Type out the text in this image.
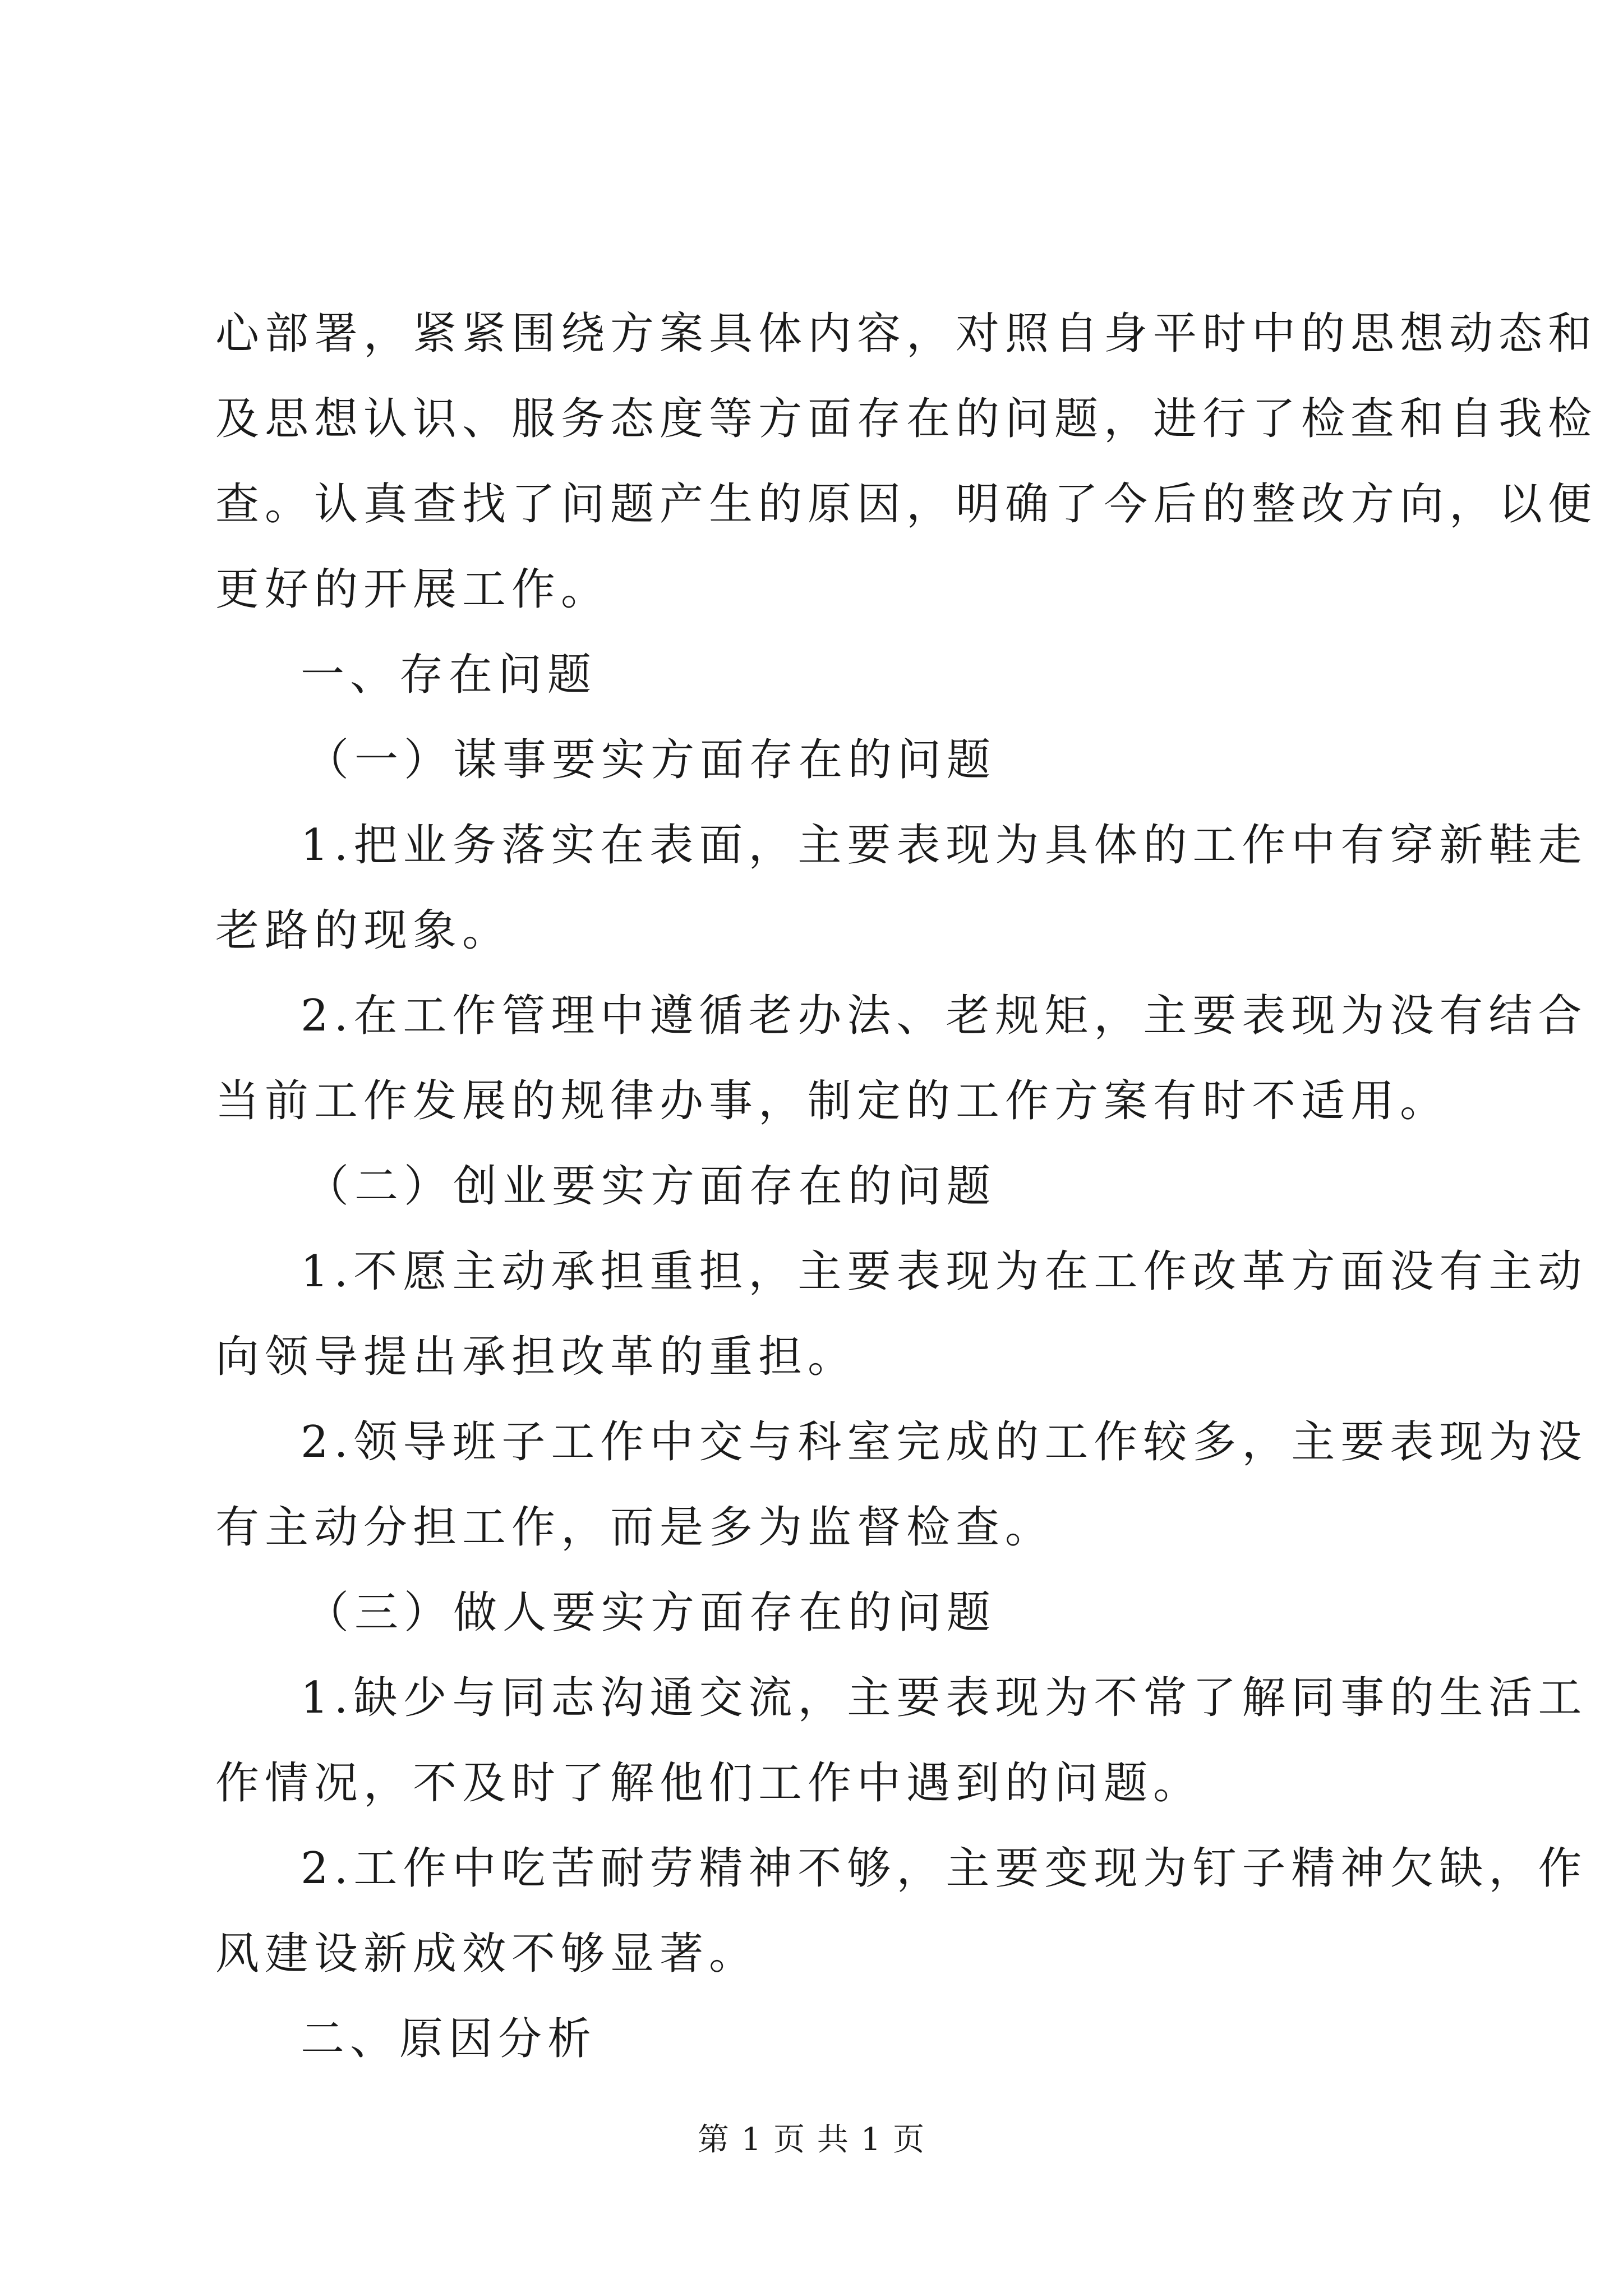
心部署，紧紧围绕方案具体内容，对照自身平时中的思想动态和
及思想认识、服务态度等方面存在的问题，进行了检查和自我检
查。认真查找了问题产生的原因，明确了今后的整改方向，以便
更好的开展工作。
一、存在问题
（一）谋事要实方面存在的问题
1.把业务落实在表面，主要表现为具体的工作中有穿新鞋走
老路的现象。
2.在工作管理中遵循老办法、老规矩，主要表现为没有结合
当前工作发展的规律办事，制定的工作方案有时不适用。
（二）创业要实方面存在的问题
1.不愿主动承担重担，主要表现为在工作改革方面没有主动
向领导提出承担改革的重担。
2.领导班子工作中交与科室完成的工作较多，主要表现为没
有主动分担工作，而是多为监督检查。
（三）做人要实方面存在的问题
1.缺少与同志沟通交流，主要表现为不常了解同事的生活工
作情况，不及时了解他们工作中遇到的问题。
2.工作中吃苦耐劳精神不够，主要变现为钉子精神欠缺，作
风建设新成效不够显著。
二、原因分析
第 1 页 共 1 页
